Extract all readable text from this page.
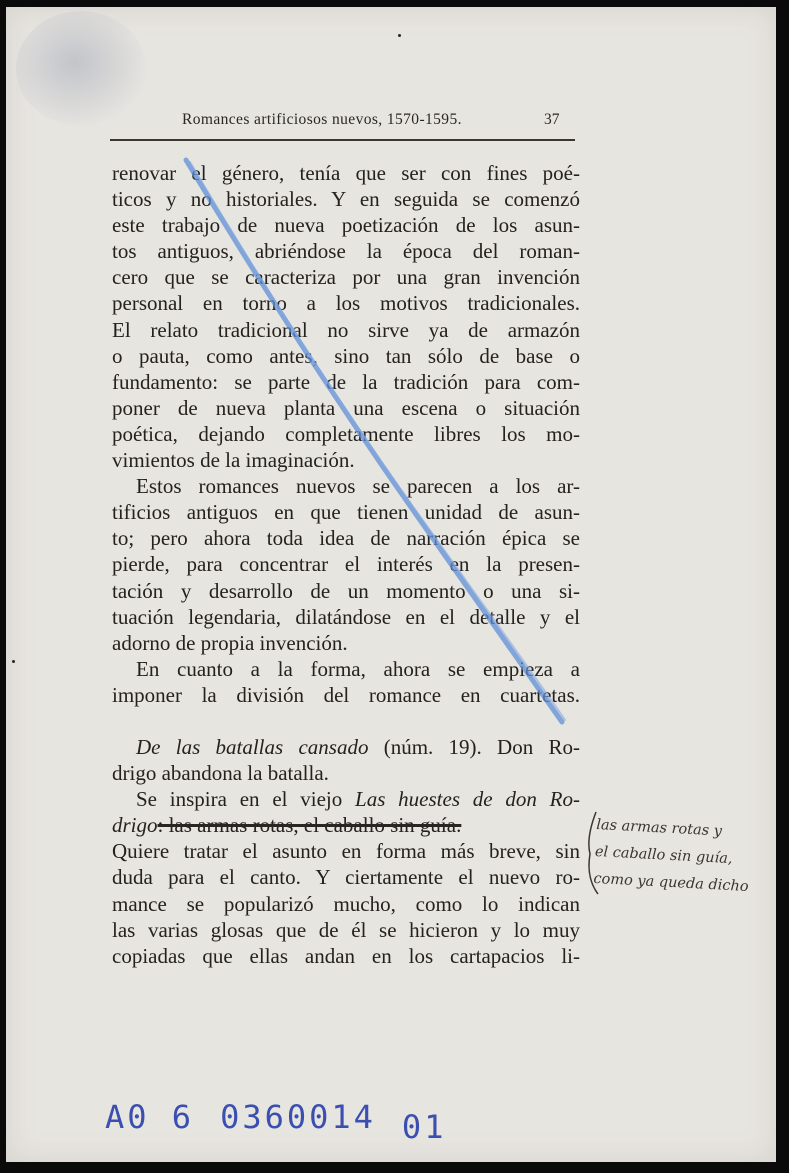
Romances artificiosos nuevos, 1570-1595.	37
renovar el género, tenía que ser con fines poé-
ticos y no historiales. Y en seguida se comenzó
este trabajo de nueva poetización de los asun-
tos antiguos, abriéndose la época del roman-
cero que se caracteriza por una gran invención
personal en torno a los motivos tradicionales.
El relato tradicional no sirve ya de armazón
o pauta, como antes, sino tan sólo de base o
fundamento: se parte de la tradición para com-
poner de nueva planta una escena o situación
poética, dejando completamente libres los mo-
vimientos de la imaginación.
Estos romances nuevos se parecen a los ar-
tificios antiguos en que tienen unidad de asun-
to; pero ahora toda idea de narración épica se
pierde, para concentrar el interés en la presen-
tación y desarrollo de un momento o una si-
tuación legendaria, dilatándose en el detalle y el
adorno de propia invención.
En cuanto a la forma, ahora se empieza a
imponer la división del romance en cuartetas.
De las batallas cansado (núm. 19). Don Ro-
drigo abandona la batalla.
Se inspira en el viejo Las huestes de don Ro-
drigo: las armas rotas, el caballo sin guía.
Quiere tratar el asunto en forma más breve, sin
duda para el canto. Y ciertamente el nuevo ro-
mance se popularizó mucho, como lo indican
las varias glosas que de él se hicieron y lo muy
copiadas que ellas andan en los cartapacios li-
las armas rotas y
el caballo sin guía,
como ya queda dicho
A0 6 0360014 01
